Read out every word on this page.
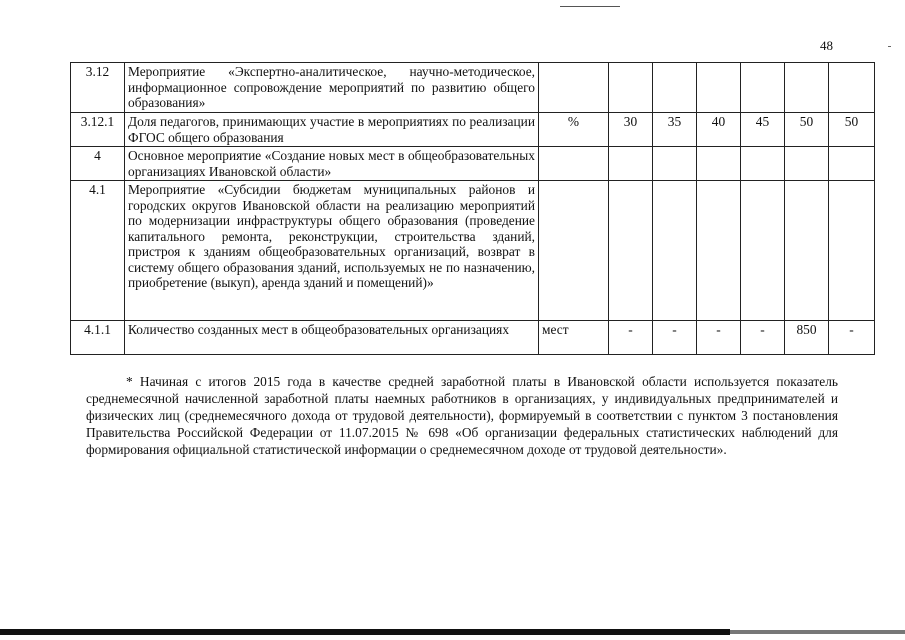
48
3.12	Мероприятие «Экспертно-аналитическое, научно-методическое, информационное сопровождение мероприятий по развитию общего образования»							
3.12.1	Доля педагогов, принимающих участие в мероприятиях по реализации ФГОС общего образования	%	30	35	40	45	50	50
4	Основное мероприятие «Создание новых мест в общеобразовательных организациях Ивановской области»							
4.1	Мероприятие «Субсидии бюджетам муниципальных районов и городских округов Ивановской области на реализацию мероприятий по модернизации инфраструктуры общего образования (проведение капитального ремонта, реконструкции, строительства зданий, пристроя к зданиям общеобразовательных организаций, возврат в систему общего образования зданий, используемых не по назначению, приобретение (выкуп), аренда зданий и помещений)»							
4.1.1	Количество созданных мест в общеобразовательных организациях	мест	-	-	-	-	850	-

* Начиная с итогов 2015 года в качестве средней заработной платы в Ивановской области используется показатель среднемесячной начисленной заработной платы наемных работников в организациях, у индивидуальных предпринимателей и физических лиц (среднемесячного дохода от трудовой деятельности), формируемый в соответствии с пунктом 3 постановления Правительства Российской Федерации от 11.07.2015 № 698 «Об организации федеральных статистических наблюдений для формирования официальной статистической информации о среднемесячном доходе от трудовой деятельности».
